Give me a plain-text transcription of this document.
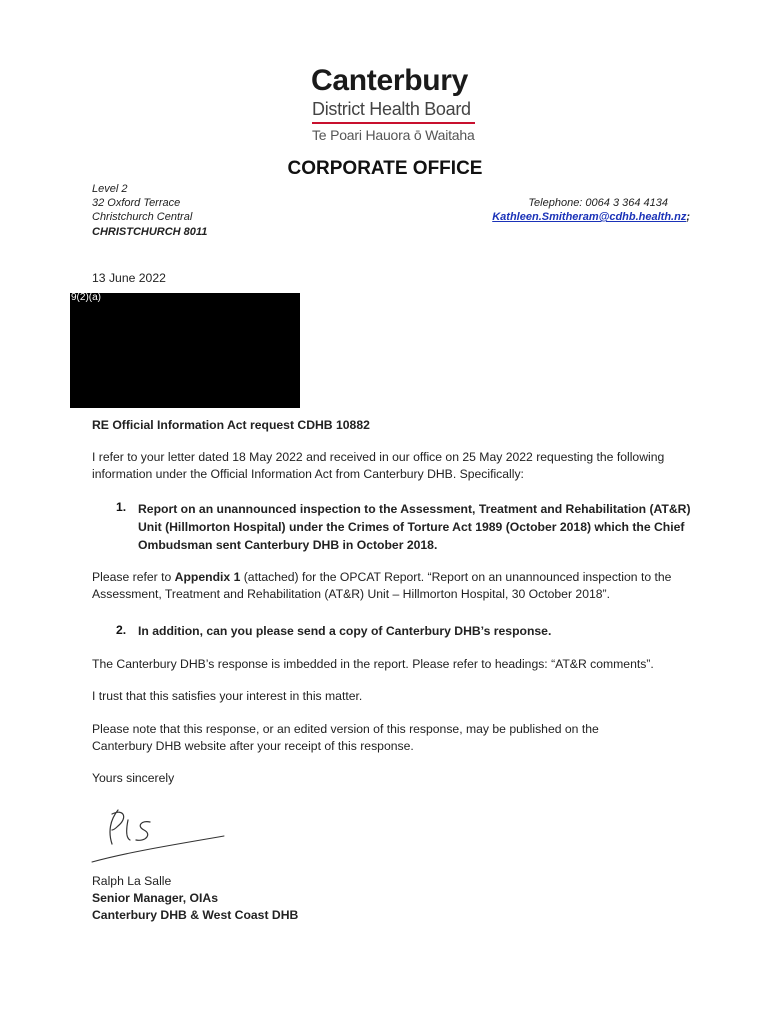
Canterbury
District Health Board
Te Poari Hauora ō Waitaha
CORPORATE OFFICE
Level 2
32 Oxford Terrace
Christchurch Central
CHRISTCHURCH 8011
Telephone: 0064 3 364 4134
Kathleen.Smitheram@cdhb.health.nz;
13 June 2022
9(2)(a)
RE Official Information Act request CDHB 10882
I refer to your letter dated 18 May 2022 and received in our office on 25 May 2022 requesting the following information under the Official Information Act from Canterbury DHB. Specifically:
1. Report on an unannounced inspection to the Assessment, Treatment and Rehabilitation (AT&R) Unit (Hillmorton Hospital) under the Crimes of Torture Act 1989 (October 2018) which the Chief Ombudsman sent Canterbury DHB in October 2018.
Please refer to Appendix 1 (attached) for the OPCAT Report. “Report on an unannounced inspection to the Assessment, Treatment and Rehabilitation (AT&R) Unit – Hillmorton Hospital, 30 October 2018”.
2. In addition, can you please send a copy of Canterbury DHB’s response.
The Canterbury DHB’s response is imbedded in the report. Please refer to headings: “AT&R comments”.
I trust that this satisfies your interest in this matter.
Please note that this response, or an edited version of this response, may be published on the Canterbury DHB website after your receipt of this response.
Yours sincerely
Ralph La Salle
Senior Manager, OIAs
Canterbury DHB & West Coast DHB
